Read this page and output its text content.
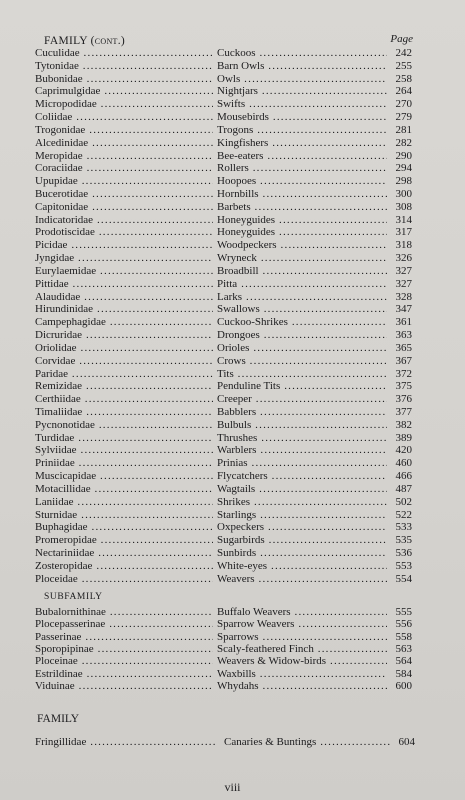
FAMILY (cont.)	Page
Cuculidae .....	Cuckoos .....	242
Tytonidae .....	Barn Owls .....	255
Bubonidae .....	Owls .....	258
Caprimulgidae .....	Nightjars .....	264
Micropodidae .....	Swifts .....	270
Coliidae .....	Mousebirds .....	279
Trogonidae .....	Trogons .....	281
Alcedinidae .....	Kingfishers .....	282
Meropidae .....	Bee-eaters .....	290
Coraciidae .....	Rollers .....	294
Upupidae .....	Hoopoes .....	298
Bucerotidae .....	Hornbills .....	300
Capitonidae .....	Barbets .....	308
Indicatoridae .....	Honeyguides .....	314
Prodotiscidae .....	Honeyguides .....	317
Picidae .....	Woodpeckers .....	318
Jyngidae .....	Wryneck .....	326
Eurylaemidae .....	Broadbill .....	327
Pittidae .....	Pitta .....	327
Alaudidae .....	Larks .....	328
Hirundinidae .....	Swallows .....	347
Campephagidae .....	Cuckoo-Shrikes .....	361
Dicruridae .....	Drongoes .....	363
Oriolidae .....	Orioles .....	365
Corvidae .....	Crows .....	367
Paridae .....	Tits .....	372
Remizidae .....	Penduline Tits .....	375
Certhiidae .....	Creeper .....	376
Timaliidae .....	Babblers .....	377
Pycnonotidae .....	Bulbuls .....	382
Turdidae .....	Thrushes .....	389
Sylviidae .....	Warblers .....	420
Priniidae .....	Prinias .....	460
Muscicapidae .....	Flycatchers .....	466
Motacillidae .....	Wagtails .....	487
Laniidae .....	Shrikes .....	502
Sturnidae .....	Starlings .....	522
Buphagidae .....	Oxpeckers .....	533
Promeropidae .....	Sugarbirds .....	535
Nectariniidae .....	Sunbirds .....	536
Zosteropidae .....	White-eyes .....	553
Ploceidae .....	Weavers .....	554
SUBFAMILY
Bubalornithinae .....	Buffalo Weavers .....	555
Plocepasserinae .....	Sparrow Weavers .....	556
Passerinae .....	Sparrows .....	558
Sporopipinae .....	Scaly-feathered Finch .....	563
Ploceinae .....	Weavers & Widow-birds .....	564
Estrildinae .....	Waxbills .....	584
Viduinae .....	Whydahs .....	600
FAMILY
Fringillidae .....	Canaries & Buntings .....	604
viii
